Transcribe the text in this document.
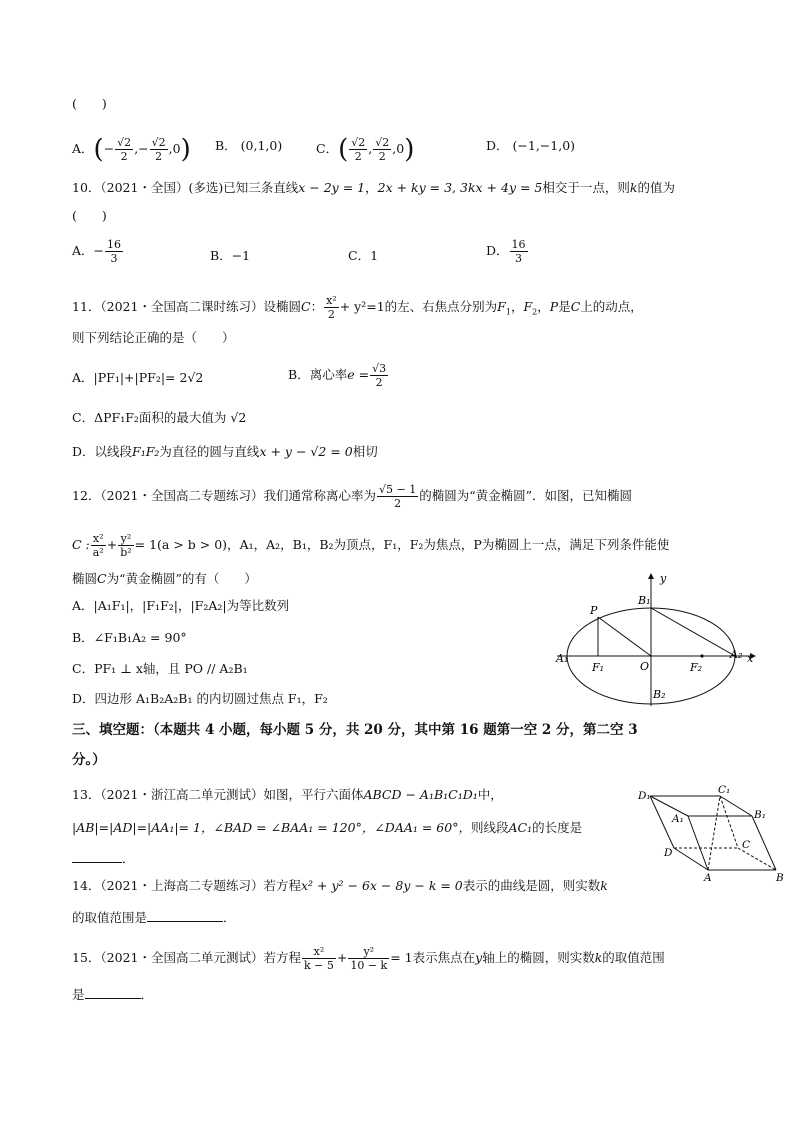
(　　)
A．(− $\frac{√2}{2}$ ,− $\frac{√2}{2} ,0$) B． (0,1,0)	C．( $\frac{√2}{2}$ , $\frac{√2}{2} ,0$)	D． (−1,−1,0)
10．（2021・全国）(多选)已知三条直线x − 2y = 1，2x + ky = 3, 3kx + 4y = 5相交于一点，则k的值为
(　　)
A．− $\frac{16}{3}$	B．−1	C．1	D． $\frac{16}{3}$
11．（2021・全国高二课时练习）设椭圆C： $\frac{\text{x²}}{2} + y^2=1$的左、右焦点分别为$F_1$，$F_2$，P是C上的动点，
则下列结论正确的是（　　）
A．|PF₁|+|PF₂|= 2√2	B．离心率$e = \frac{√3}{2}$
C．ΔPF₁F₂面积的最大值为 √2
D．以线段F₁F₂为直径的圆与直线x + y − √2 = 0相切
12．（2021・全国高二专题练习）我们通常称离心率为 $\frac{√5 - 1}{2}$ 的椭圆为“黄金椭圆”．如图，已知椭圆
C : $\frac{\text{x²}}{\text{a²}} + \frac{\text{y²}}{\text{b²}} = 1(a > b > 0)$，A₁，A₂，B₁，B₂为顶点，F₁，F₂为焦点，P为椭圆上一点，满足下列条件能使
椭圆C为“黄金椭圆”的有（　　）
A．|A₁F₁|，|F₁F₂|，|F₂A₂|为等比数列
B．∠F₁B₁A₂ = 90°
C．PF₁ ⊥ x轴，且 PO // A₂B₁
D．四边形 A₁B₂A₂B₁ 的内切圆过焦点 F₁，F₂
y
x
P
B₁
B₂
A₁	A₂
F₁	F₂
O
三、填空题：（本题共 4 小题，每小题 5 分，共 20 分，其中第 16 题第一空 2 分，第二空 3
分。）
13．（2021・浙江高二单元测试）如图，平行六面体ABCD − A₁B₁C₁D₁中，
|AB|=|AD|=|AA₁|= 1，∠BAD = ∠BAA₁ = 120°，∠DAA₁ = 60°，则线段AC₁的长度是
．
D₁	C₁
B₁
A₁
D
C
A	B
14．（2021・上海高二专题练习）若方程x² + y² − 6x − 8y − k = 0表示的曲线是圆，则实数k
的取值范围是	．
15．（2021・全国高二单元测试）若方程 $\frac{\text{x²}}{k - 5} + \frac{\text{y²}}{10 - k} = 1$表示焦点在y轴上的椭圆，则实数k的取值范围
是	．
